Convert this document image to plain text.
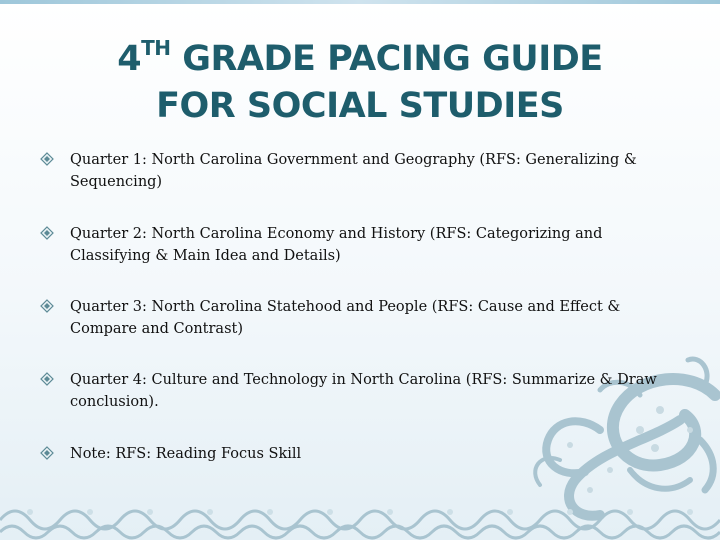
4TH GRADE PACING GUIDE
FOR SOCIAL STUDIES
Quarter 1: North Carolina Government and Geography (RFS: Generalizing &
Sequencing)
Quarter 2: North Carolina Economy and History (RFS: Categorizing and
Classifying & Main Idea and Details)
Quarter 3: North Carolina Statehood and People (RFS: Cause and Effect &
Compare and Contrast)
Quarter 4: Culture and Technology in North Carolina (RFS: Summarize & Draw
conclusion).
Note: RFS: Reading Focus Skill
